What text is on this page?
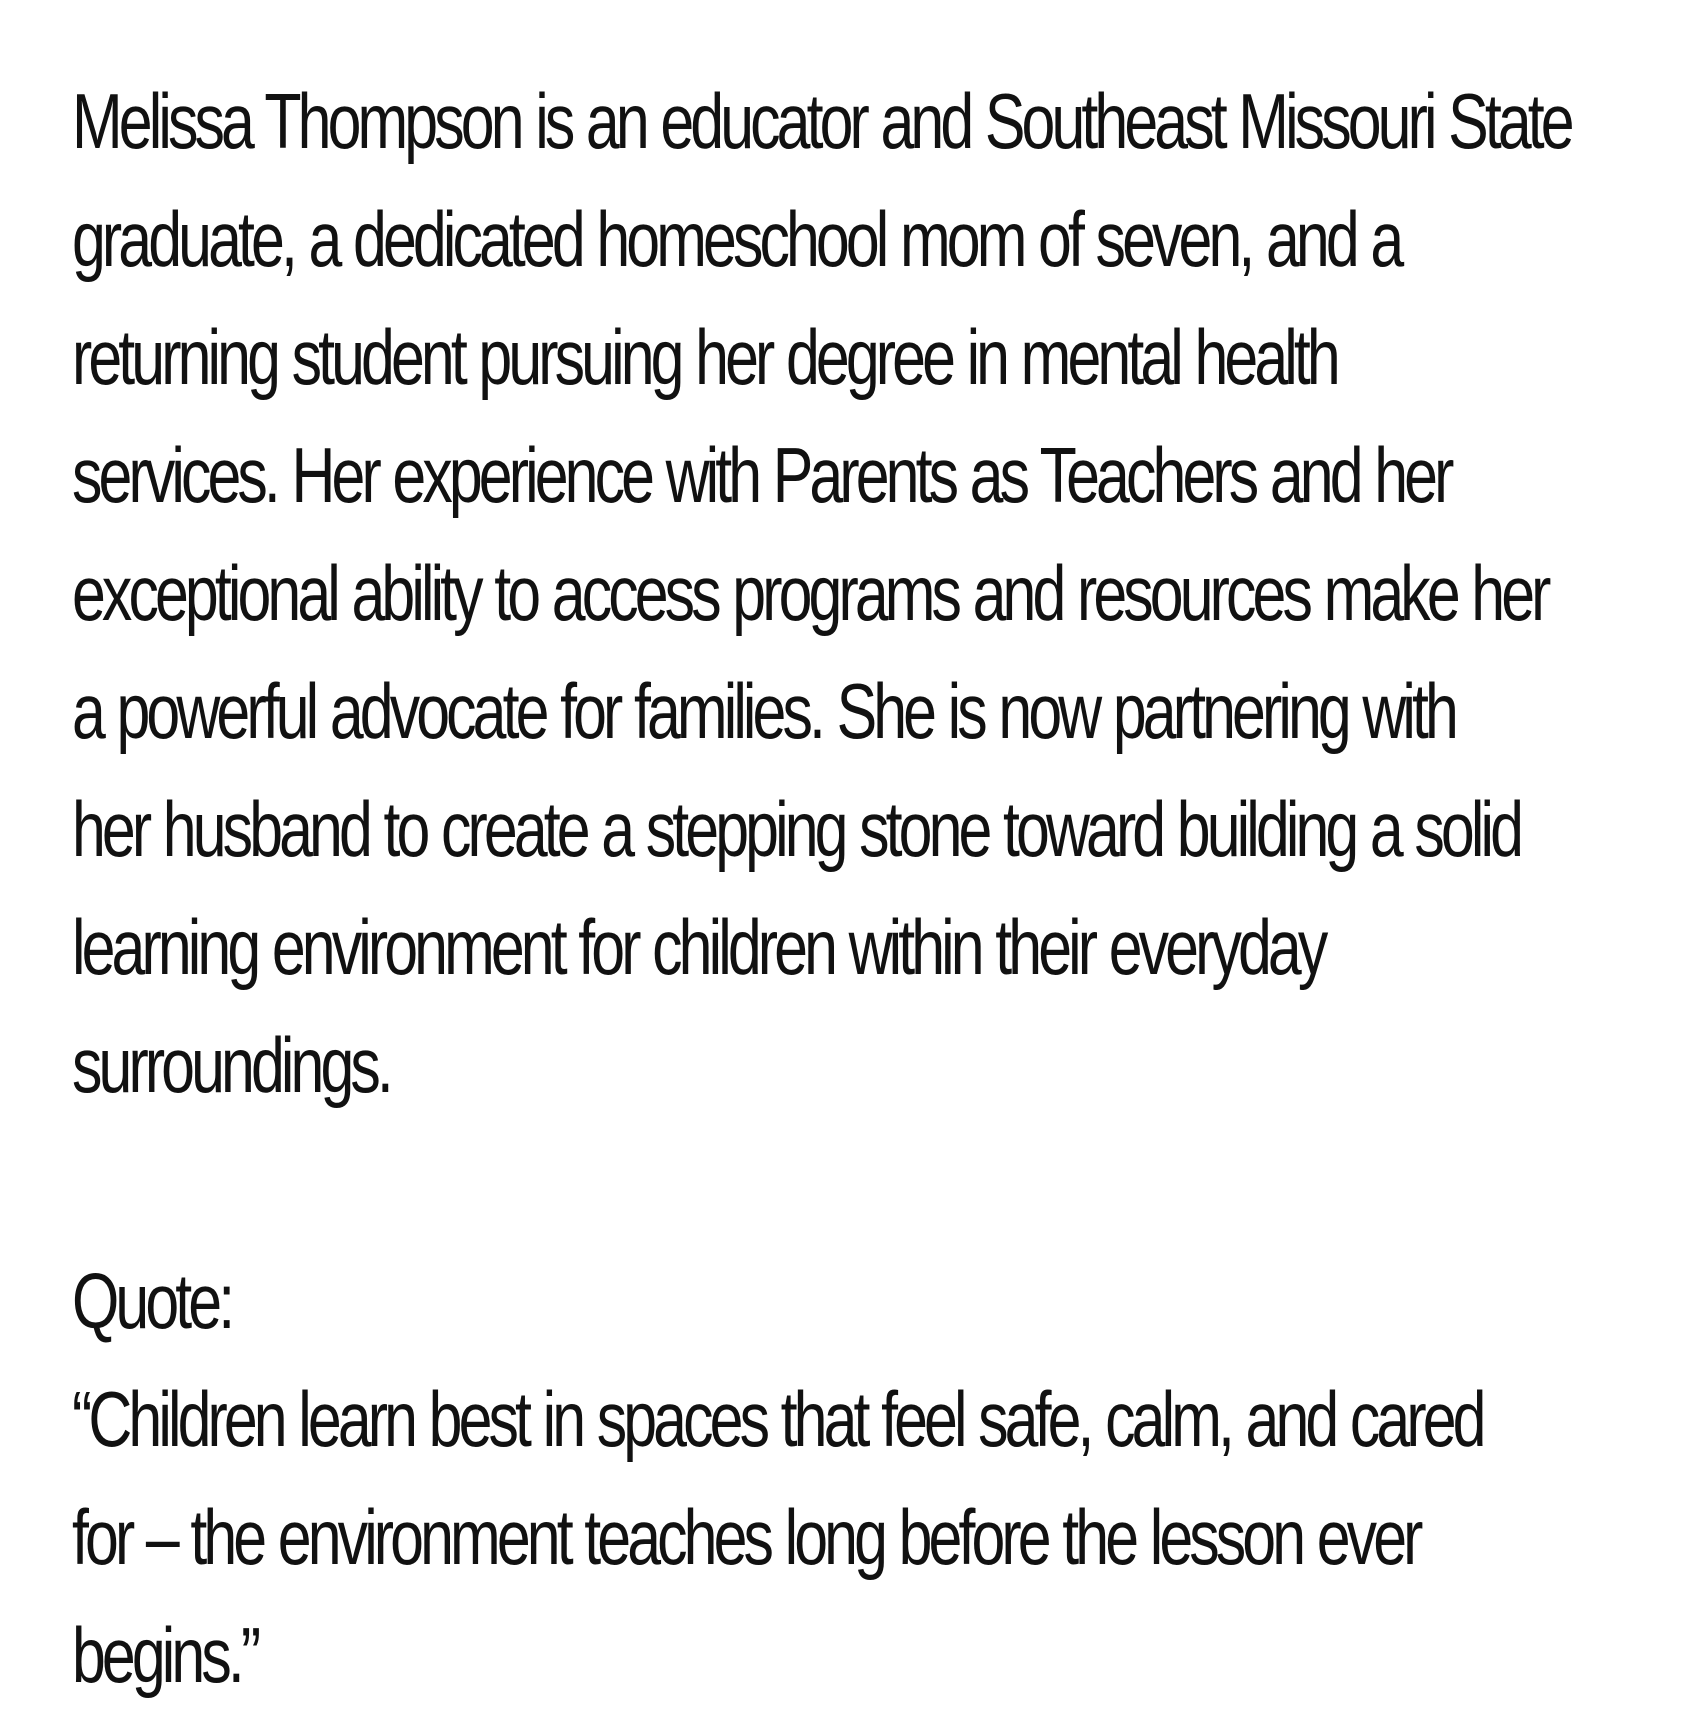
Melissa Thompson is an educator and Southeast Missouri State
graduate, a dedicated homeschool mom of seven, and a
returning student pursuing her degree in mental health
services. Her experience with Parents as Teachers and her
exceptional ability to access programs and resources make her
a powerful advocate for families. She is now partnering with
her husband to create a stepping stone toward building a solid
learning environment for children within their everyday
surroundings.
Quote:
“Children learn best in spaces that feel safe, calm, and cared
for – the environment teaches long before the lesson ever
begins.”
